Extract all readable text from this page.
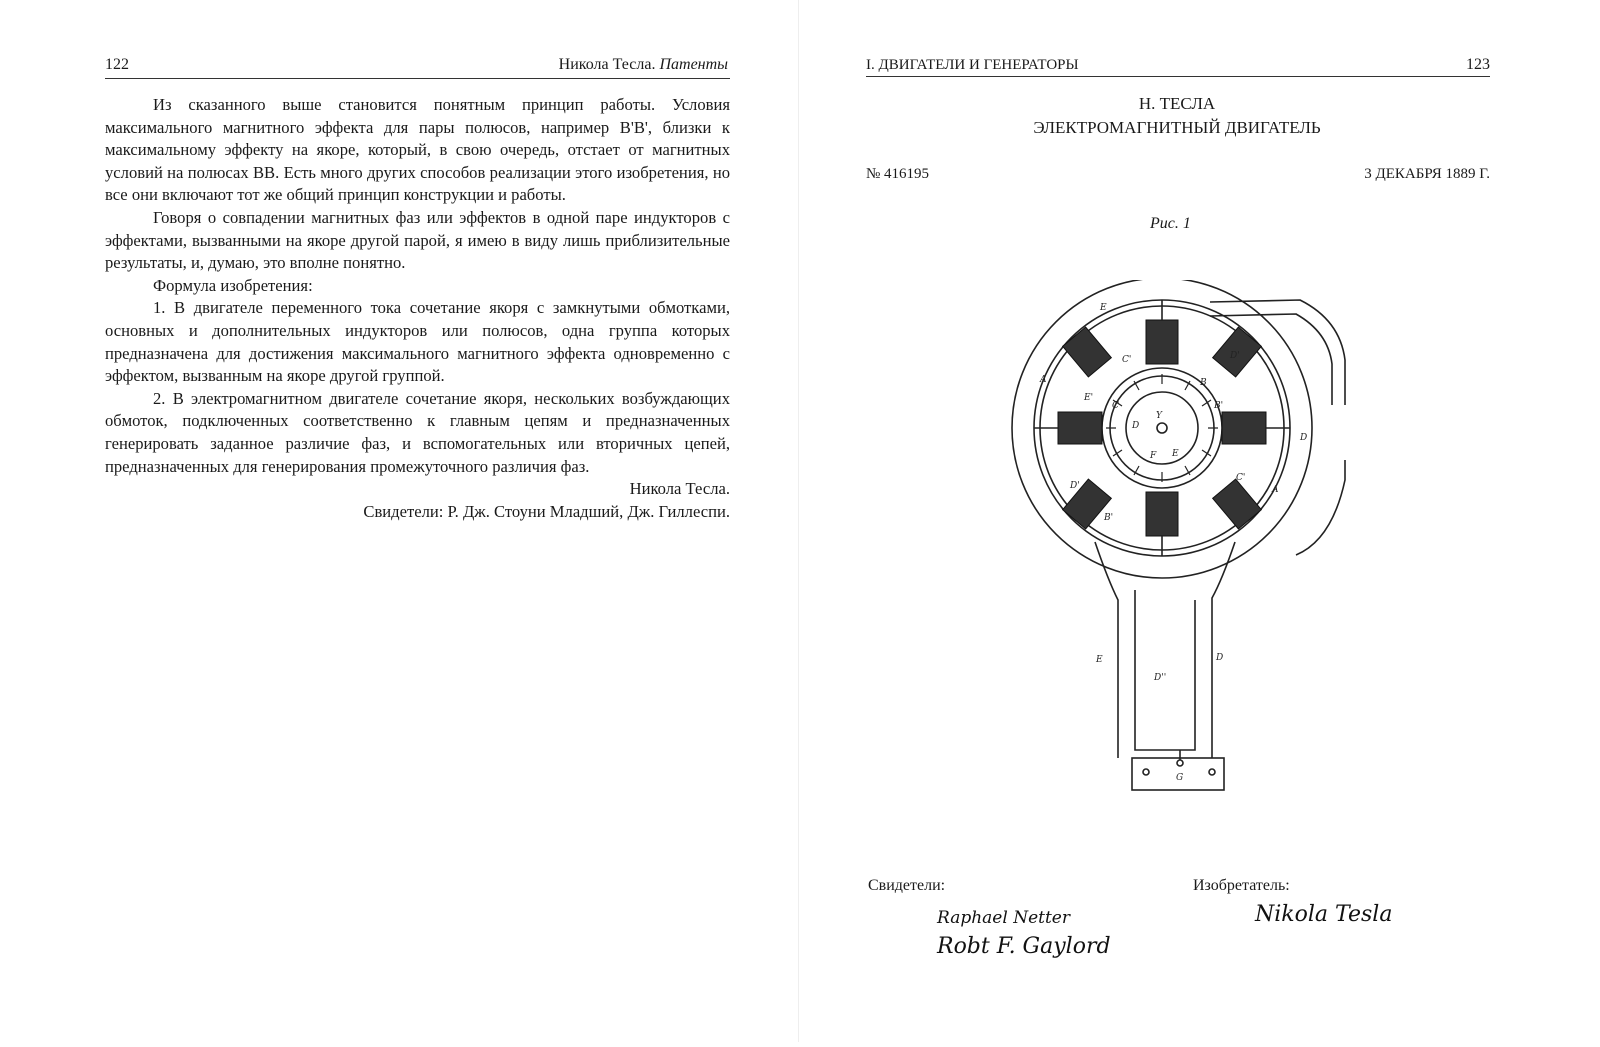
122	Никола Тесла. Патенты

Из сказанного выше становится понятным принцип работы. Условия максимального магнитного эффекта для пары полюсов, например B'B', близки к максимальному эффекту на якоре, который, в свою очередь, отстает от магнитных условий на полюсах BB. Есть много других способов реализации этого изобретения, но все они включают тот же общий принцип конструкции и работы.

Говоря о совпадении магнитных фаз или эффектов в одной паре индукторов с эффектами, вызванными на якоре другой парой, я имею в виду лишь приблизительные результаты, и, думаю, это вполне понятно.

Формула изобретения:

1. В двигателе переменного тока сочетание якоря с замкнутыми обмотками, основных и дополнительных индукторов или полюсов, одна группа которых предназначена для достижения максимального магнитного эффекта одновременно с эффектом, вызванным на якоре другой группой.

2. В электромагнитном двигателе сочетание якоря, нескольких возбуждающих обмоток, подключенных соответственно к главным цепям и предназначенных генерировать заданное различие фаз, и вспомогательных или вторичных цепей, предназначенных для генерирования промежуточного различия фаз.

Никола Тесла.

Свидетели: Р. Дж. Стоуни Младший, Дж. Гиллеспи.

I. ДВИГАТЕЛИ И ГЕНЕРАТОРЫ	123
Н. ТЕСЛА
ЭЛЕКТРОМАГНИТНЫЙ ДВИГАТЕЛЬ
№ 416195	3 ДЕКАБРЯ 1889 Г.
Рис. 1
E
C'	D'
A	B
E'
C	B'
D
Y
D
F E
D'	A
C'
B'
E
D''
D
G
Свидетели:	Изобретатель:
Raphael Netter
Robt F. Gaylord
Nikola Tesla
